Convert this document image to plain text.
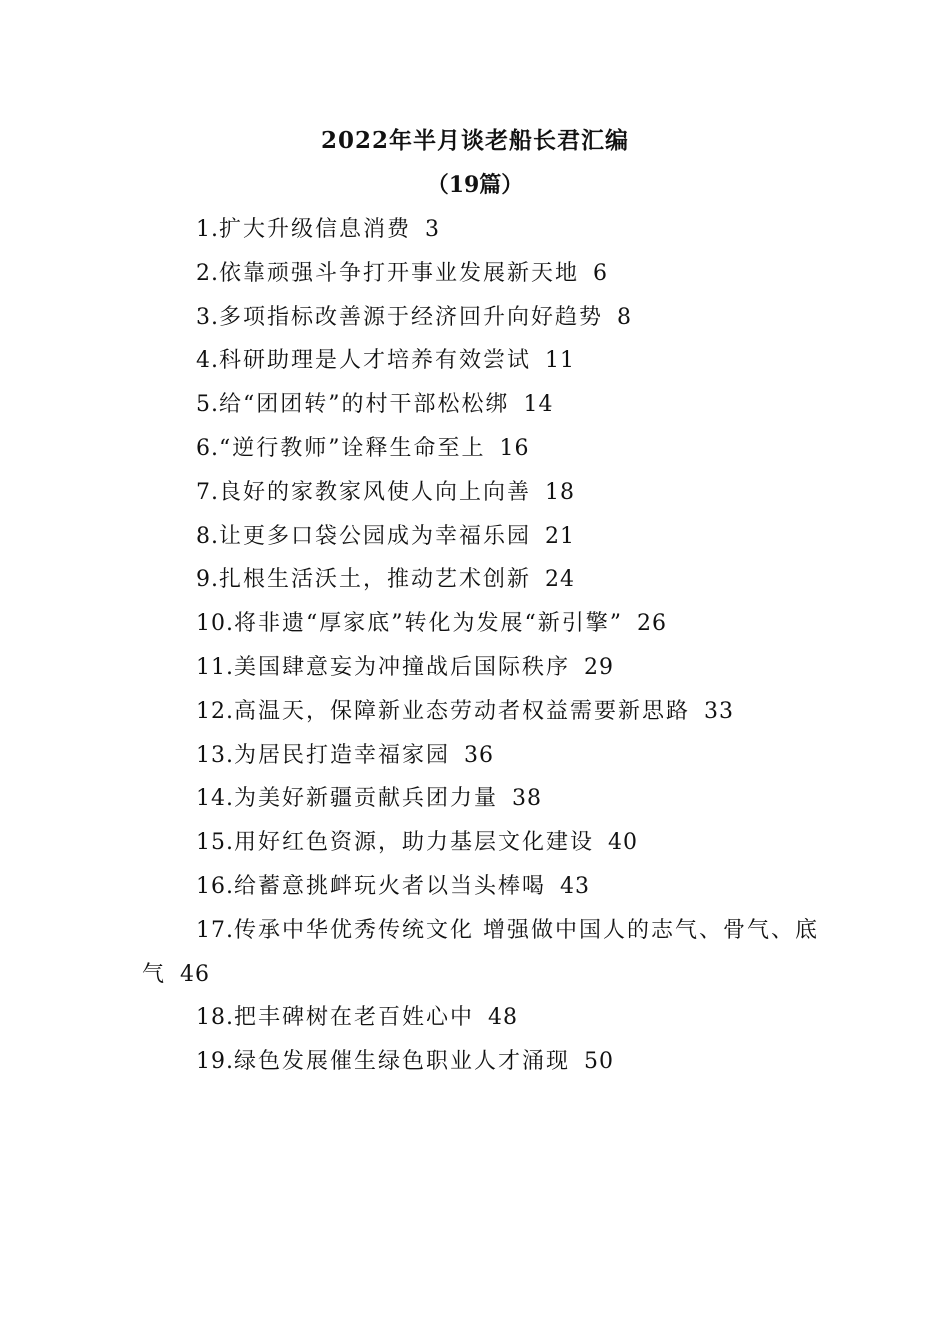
2022年半月谈老船长君汇编
（19篇）
1.扩大升级信息消费 3
2.依靠顽强斗争打开事业发展新天地 6
3.多项指标改善源于经济回升向好趋势 8
4.科研助理是人才培养有效尝试 11
5.给“团团转”的村干部松松绑 14
6.“逆行教师”诠释生命至上 16
7.良好的家教家风使人向上向善 18
8.让更多口袋公园成为幸福乐园 21
9.扎根生活沃土，推动艺术创新 24
10.将非遗“厚家底”转化为发展“新引擎” 26
11.美国肆意妄为冲撞战后国际秩序 29
12.高温天，保障新业态劳动者权益需要新思路 33
13.为居民打造幸福家园 36
14.为美好新疆贡献兵团力量 38
15.用好红色资源，助力基层文化建设 40
16.给蓄意挑衅玩火者以当头棒喝 43
17.传承中华优秀传统文化 增强做中国人的志气、骨气、底气 46
18.把丰碑树在老百姓心中 48
19.绿色发展催生绿色职业人才涌现 50
